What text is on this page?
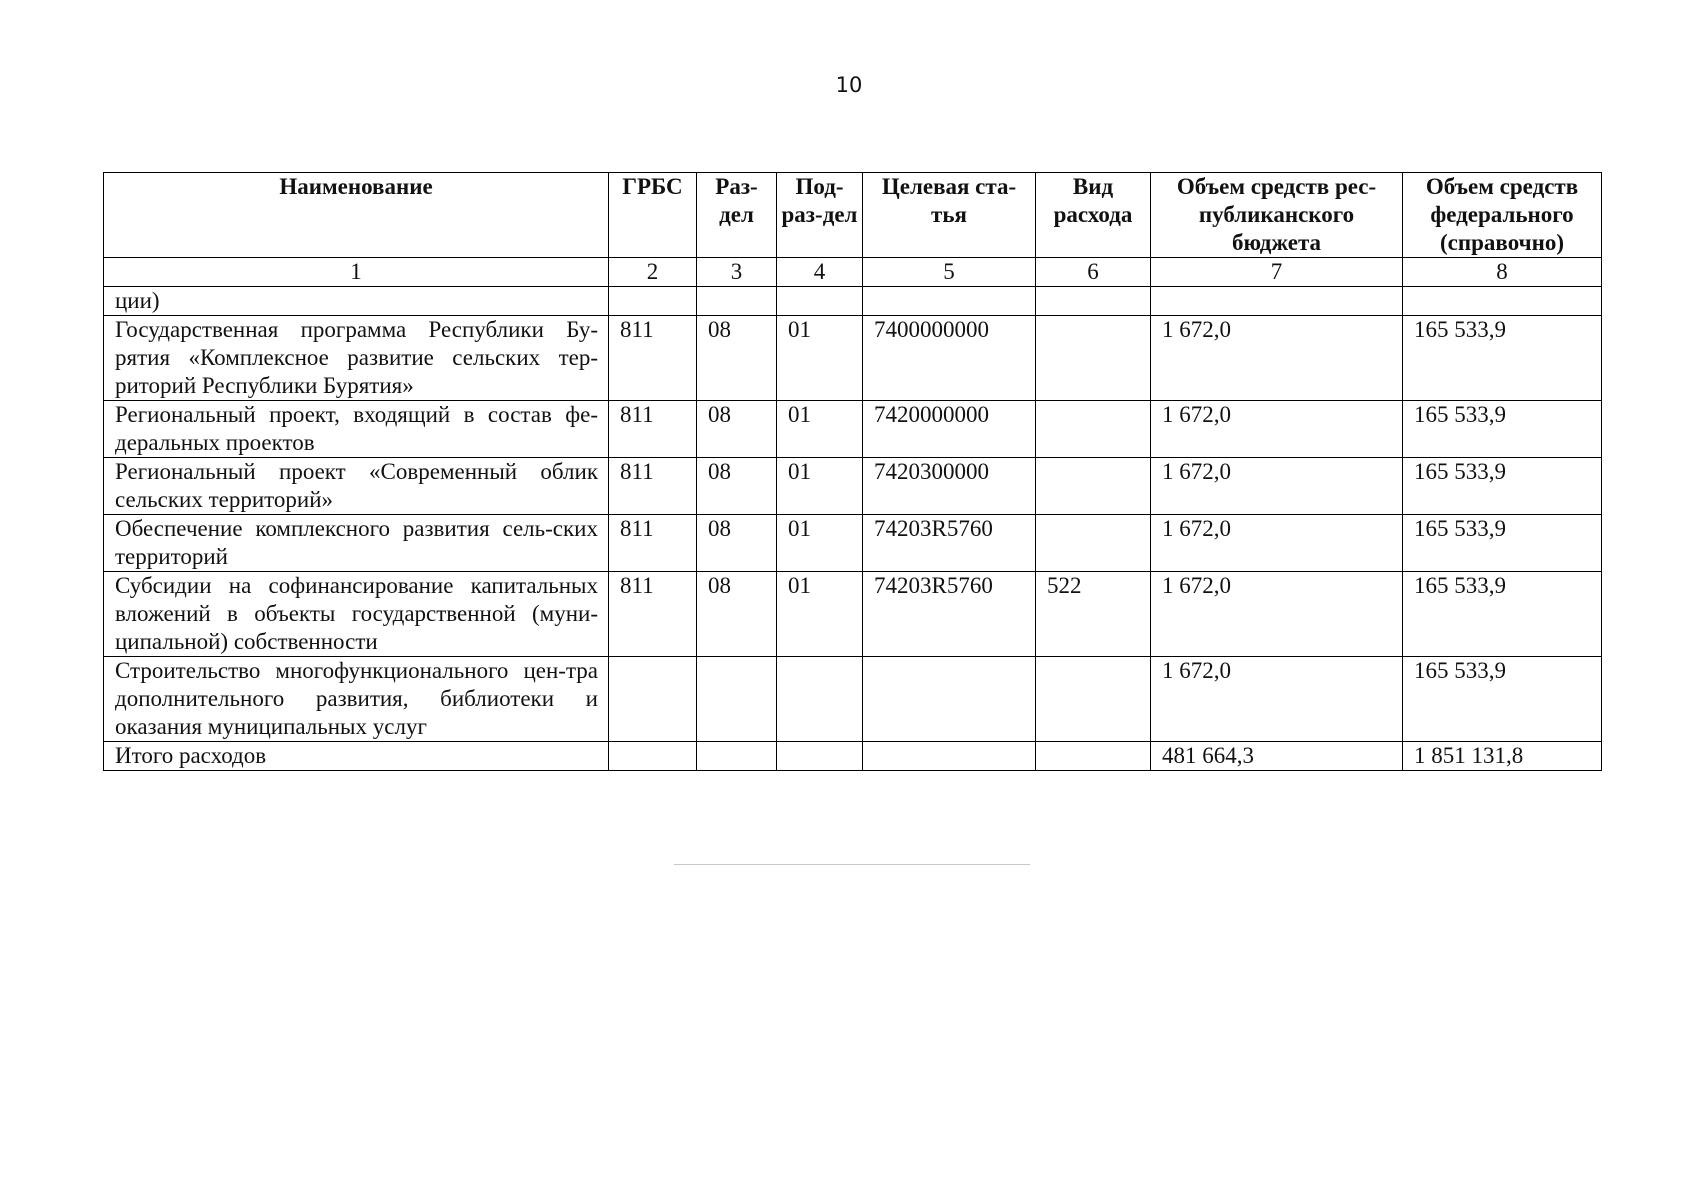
10
Наименование	ГРБС	Раз-дел	Под-раз-дел	Целевая ста-тья	Вид расхода	Объем средств рес-публиканского бюджета	Объем средств федерального (справочно)
1	2	3	4	5	6	7	8
ции)							
Государственная программа Республики Бу-рятия «Комплексное развитие сельских тер-риторий Республики Бурятия»	811	08	01	7400000000		1 672,0	165 533,9
Региональный проект, входящий в состав фе-деральных проектов	811	08	01	7420000000		1 672,0	165 533,9
Региональный проект «Современный облик сельских территорий»	811	08	01	7420300000		1 672,0	165 533,9
Обеспечение комплексного развития сель-ских территорий	811	08	01	74203R5760		1 672,0	165 533,9
Субсидии на софинансирование капитальных вложений в объекты государственной (муни-ципальной) собственности	811	08	01	74203R5760	522	1 672,0	165 533,9
Строительство многофункционального цен-тра дополнительного развития, библиотеки и оказания муниципальных услуг						1 672,0	165 533,9
Итого расходов						481 664,3	1 851 131,8
